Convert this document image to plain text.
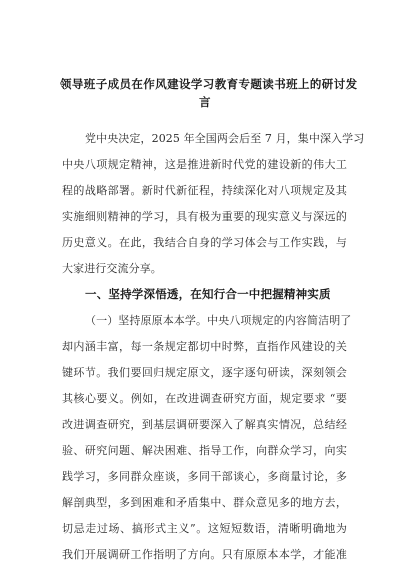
领导班子成员在作风建设学习教育专题读书班上的研讨发
言
党中央决定，2025 年全国两会后至 7 月，集中深入学习
中央八项规定精神，这是推进新时代党的建设新的伟大工
程的战略部署。新时代新征程，持续深化对八项规定及其
实施细则精神的学习，具有极为重要的现实意义与深远的
历史意义。在此，我结合自身的学习体会与工作实践，与
大家进行交流分享。
一、坚持学深悟透，在知行合一中把握精神实质
（一）坚持原原本本学。中央八项规定的内容简洁明了
却内涵丰富，每一条规定都切中时弊，直指作风建设的关
键环节。我们要回归规定原文，逐字逐句研读，深刻领会
其核心要义。例如，在改进调查研究方面，规定要求 “要
改进调查研究，到基层调研要深入了解真实情况，总结经
验、研究问题、解决困难、指导工作，向群众学习，向实
践学习，多同群众座谈，多同干部谈心，多商量讨论，多
解剖典型，多到困难和矛盾集中、群众意见多的地方去，
切忌走过场、搞形式主义”。这短短数语，清晰明确地为
我们开展调研工作指明了方向。只有原原本本学，才能准
